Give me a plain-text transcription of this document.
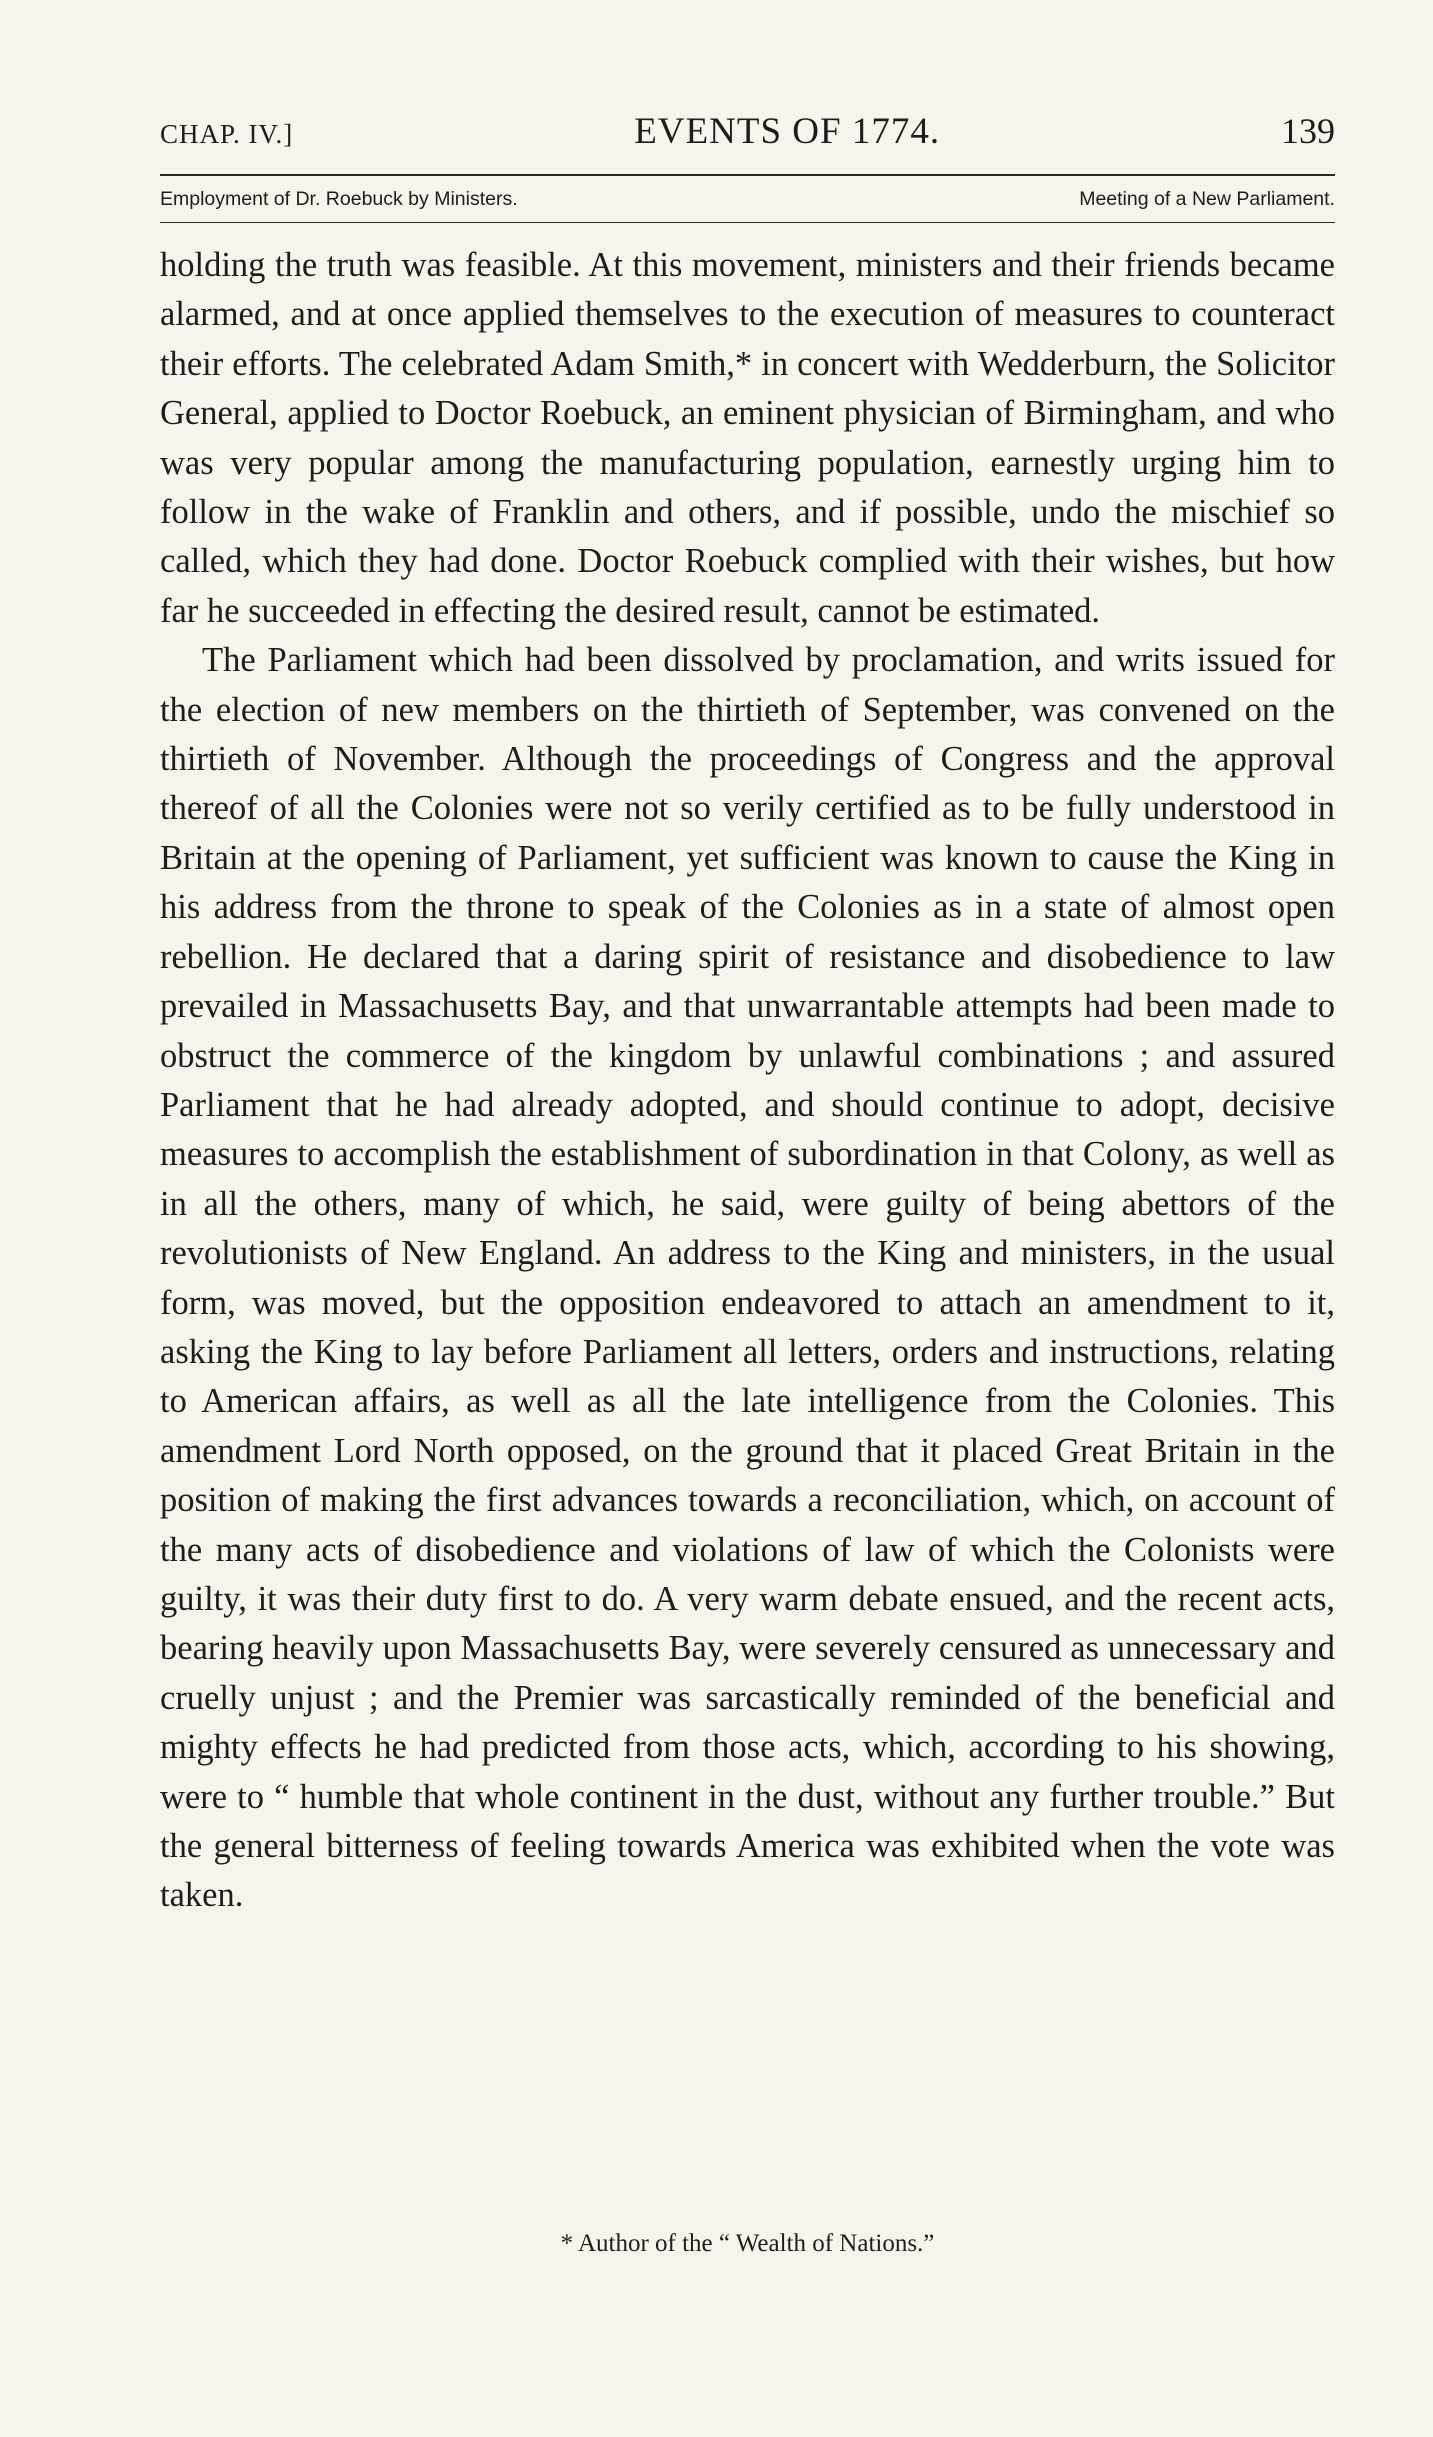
CHAP. IV.]	EVENTS OF 1774.	139
Employment of Dr. Roebuck by Ministers.	Meeting of a New Parliament.

holding the truth was feasible. At this movement, ministers and their friends became alarmed, and at once applied themselves to the execution of measures to counteract their efforts. The celebrated Adam Smith,* in concert with Wedderburn, the Solicitor General, applied to Doctor Roebuck, an eminent physician of Birmingham, and who was very popular among the manufacturing population, earnestly urging him to follow in the wake of Franklin and others, and if possible, undo the mischief so called, which they had done. Doctor Roebuck complied with their wishes, but how far he succeeded in effecting the desired result, cannot be estimated.

The Parliament which had been dissolved by proclamation, and writs issued for the election of new members on the thirtieth of September, was convened on the thirtieth of November. Although the proceedings of Congress and the approval thereof of all the Colonies were not so verily certified as to be fully understood in Britain at the opening of Parliament, yet sufficient was known to cause the King in his address from the throne to speak of the Colonies as in a state of almost open rebellion. He declared that a daring spirit of resistance and disobedience to law prevailed in Massachusetts Bay, and that unwarrantable attempts had been made to obstruct the commerce of the kingdom by unlawful combinations ; and assured Parliament that he had already adopted, and should continue to adopt, decisive measures to accomplish the establishment of subordination in that Colony, as well as in all the others, many of which, he said, were guilty of being abettors of the revolutionists of New England. An address to the King and ministers, in the usual form, was moved, but the opposition endeavored to attach an amendment to it, asking the King to lay before Parliament all letters, orders and instructions, relating to American affairs, as well as all the late intelligence from the Colonies. This amendment Lord North opposed, on the ground that it placed Great Britain in the position of making the first advances towards a reconciliation, which, on account of the many acts of disobedience and violations of law of which the Colonists were guilty, it was their duty first to do. A very warm debate ensued, and the recent acts, bearing heavily upon Massachusetts Bay, were severely censured as unnecessary and cruelly unjust ; and the Premier was sarcastically reminded of the beneficial and mighty effects he had predicted from those acts, which, according to his showing, were to “ humble that whole continent in the dust, without any further trouble.” But the general bitterness of feeling towards America was exhibited when the vote was taken.

* Author of the “ Wealth of Nations.”
